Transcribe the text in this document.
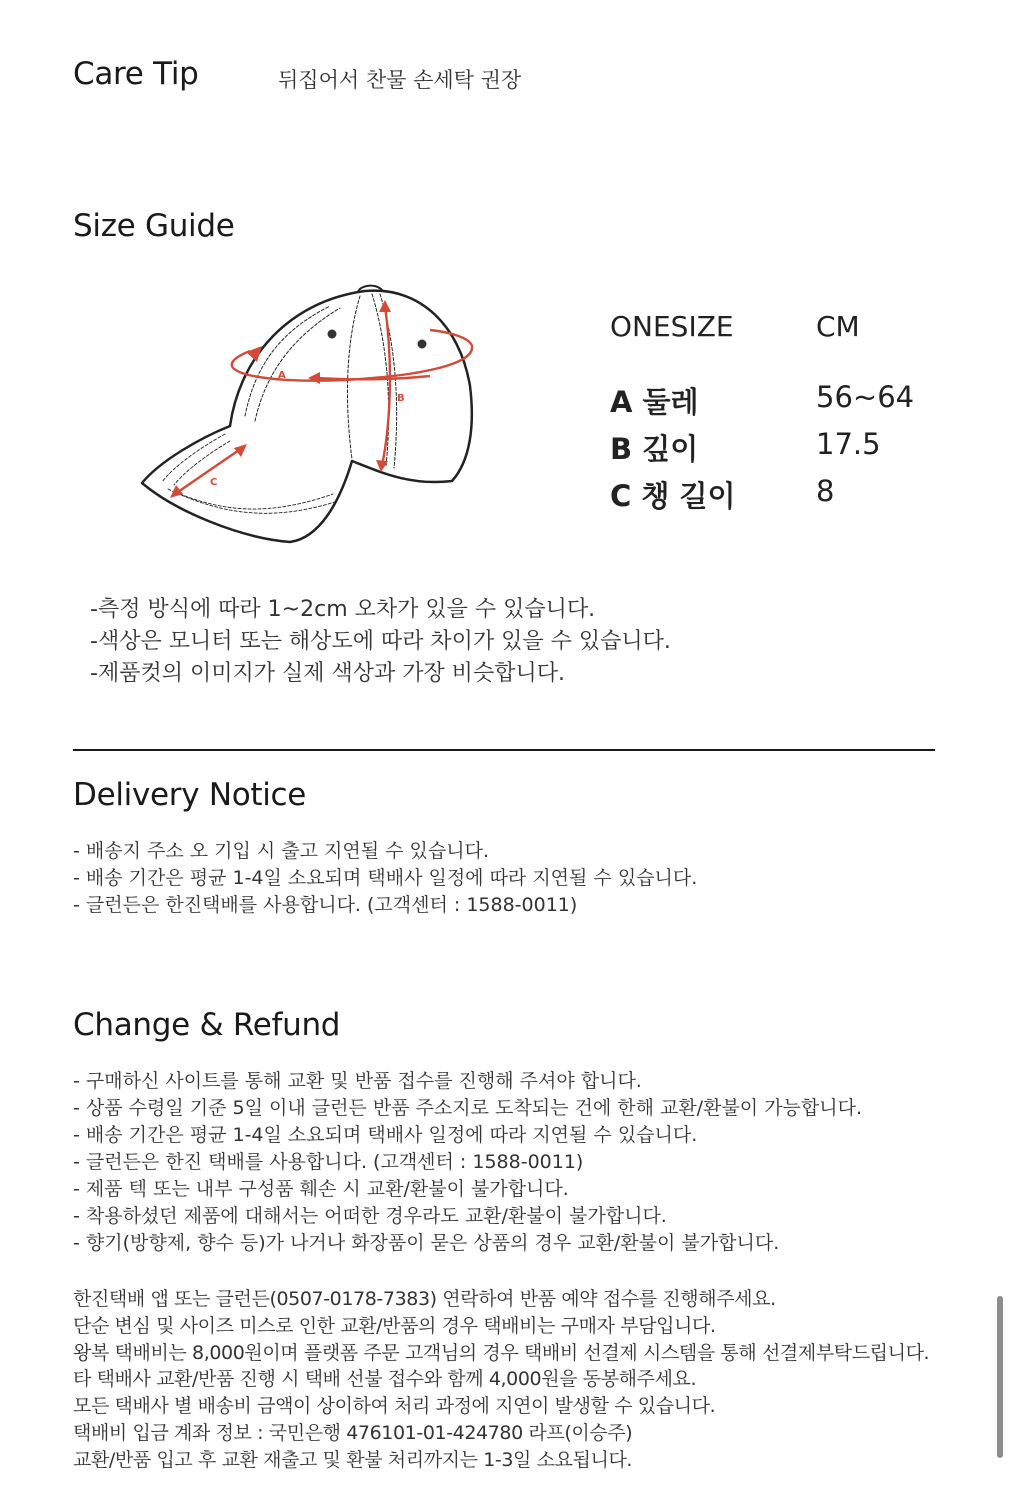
Care Tip	뒤집어서 찬물 손세탁 권장
Size Guide
A
B
C
ONESIZE	CM
A 둘레	56~64
B 깊이	17.5
C 챙 길이	8
-측정 방식에 따라 1~2cm 오차가 있을 수 있습니다.
-색상은 모니터 또는 해상도에 따라 차이가 있을 수 있습니다.
-제품컷의 이미지가 실제 색상과 가장 비슷합니다.
Delivery Notice
- 배송지 주소 오 기입 시 출고 지연될 수 있습니다.
- 배송 기간은 평균 1-4일 소요되며 택배사 일정에 따라 지연될 수 있습니다.
- 글런든은 한진택배를 사용합니다. (고객센터 : 1588-0011)
Change & Refund
- 구매하신 사이트를 통해 교환 및 반품 접수를 진행해 주셔야 합니다.
- 상품 수령일 기준 5일 이내 글런든 반품 주소지로 도착되는 건에 한해 교환/환불이 가능합니다.
- 배송 기간은 평균 1-4일 소요되며 택배사 일정에 따라 지연될 수 있습니다.
- 글런든은 한진 택배를 사용합니다. (고객센터 : 1588-0011)
- 제품 텍 또는 내부 구성품 훼손 시 교환/환불이 불가합니다.
- 착용하셨던 제품에 대해서는 어떠한 경우라도 교환/환불이 불가합니다.
- 향기(방향제, 향수 등)가 나거나 화장품이 묻은 상품의 경우 교환/환불이 불가합니다.
한진택배 앱 또는 글런든(0507-0178-7383) 연락하여 반품 예약 접수를 진행해주세요.
단순 변심 및 사이즈 미스로 인한 교환/반품의 경우 택배비는 구매자 부담입니다.
왕복 택배비는 8,000원이며 플랫폼 주문 고객님의 경우 택배비 선결제 시스템을 통해 선결제부탁드립니다.
타 택배사 교환/반품 진행 시 택배 선불 접수와 함께 4,000원을 동봉해주세요.
모든 택배사 별 배송비 금액이 상이하여 처리 과정에 지연이 발생할 수 있습니다.
택배비 입금 계좌 정보 : 국민은행 476101-01-424780 라프(이승주)
교환/반품 입고 후 교환 재출고 및 환불 처리까지는 1-3일 소요됩니다.
